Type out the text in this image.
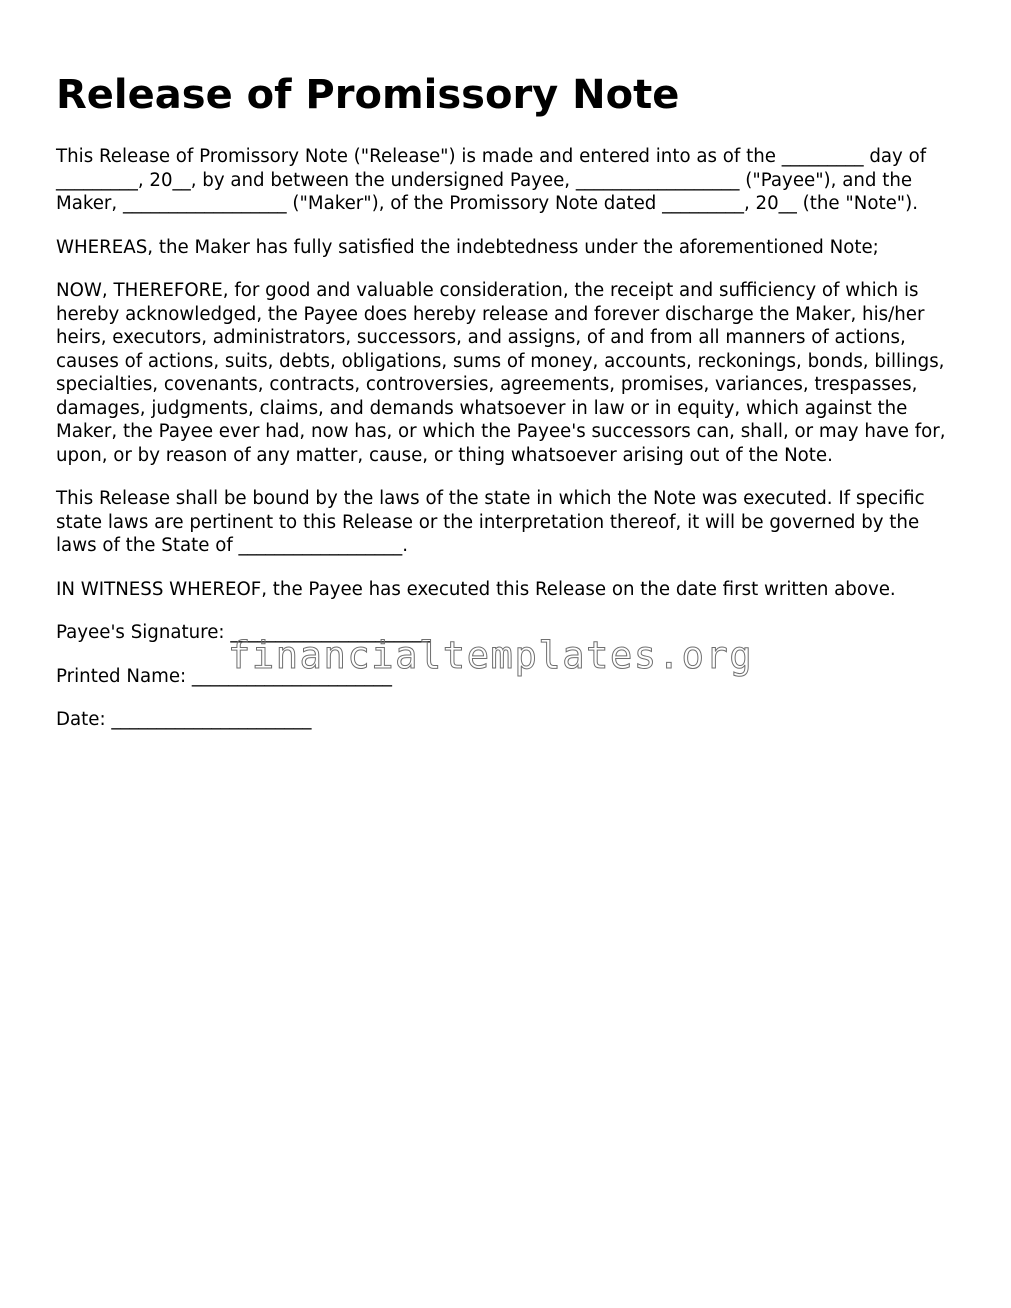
Release of Promissory Note

This Release of Promissory Note ("Release") is made and entered into as of the _________ day of _________, 20__, by and between the undersigned Payee, __________________ ("Payee"), and the Maker, __________________ ("Maker"), of the Promissory Note dated _________, 20__ (the "Note").

WHEREAS, the Maker has fully satisfied the indebtedness under the aforementioned Note;

NOW, THEREFORE, for good and valuable consideration, the receipt and sufficiency of which is hereby acknowledged, the Payee does hereby release and forever discharge the Maker, his/her heirs, executors, administrators, successors, and assigns, of and from all manners of actions, causes of actions, suits, debts, obligations, sums of money, accounts, reckonings, bonds, billings, specialties, covenants, contracts, controversies, agreements, promises, variances, trespasses, damages, judgments, claims, and demands whatsoever in law or in equity, which against the Maker, the Payee ever had, now has, or which the Payee's successors can, shall, or may have for, upon, or by reason of any matter, cause, or thing whatsoever arising out of the Note.

This Release shall be bound by the laws of the state in which the Note was executed. If specific state laws are pertinent to this Release or the interpretation thereof, it will be governed by the laws of the State of __________________.

IN WITNESS WHEREOF, the Payee has executed this Release on the date first written above.

Payee's Signature: ______________________
Printed Name: ______________________
Date: ______________________
financialtemplates.org
